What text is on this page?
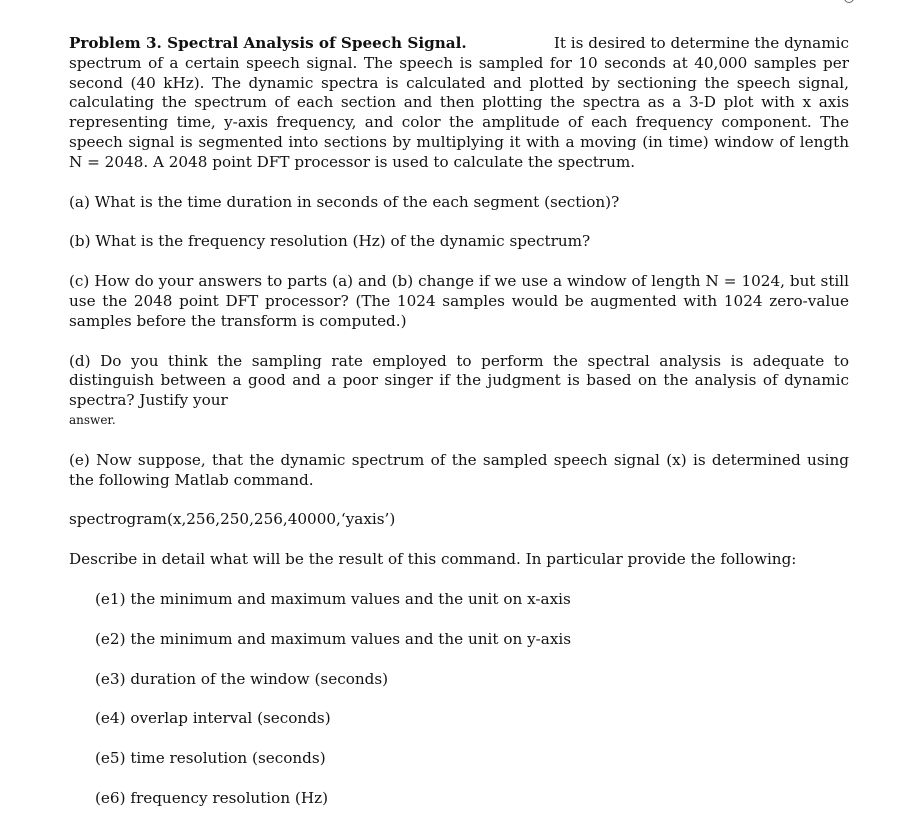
Problem 3. Spectral Analysis of Speech Signal.	It is desired to determine the dynamic
spectrum of a certain speech signal. The speech is sampled for 10 seconds at 40,000 samples per second (40 kHz). The dynamic spectra is calculated and plotted by sectioning the speech signal, calculating the spectrum of each section and then plotting the spectra as a 3-D plot with x axis representing time, y-axis frequency, and color the amplitude of each frequency component. The speech signal is segmented into sections by multiplying it with a moving (in time) window of length N = 2048. A 2048 point DFT processor is used to calculate the spectrum.

(a) What is the time duration in seconds of the each segment (section)?

(b) What is the frequency resolution (Hz) of the dynamic spectrum?

(c) How do your answers to parts (a) and (b) change if we use a window of length N = 1024, but still use the 2048 point DFT processor? (The 1024 samples would be augmented with 1024 zero-value samples before the transform is computed.)

(d) Do you think the sampling rate employed to perform the spectral analysis is adequate to distinguish between a good and a poor singer if the judgment is based on the analysis of dynamic spectra? Justify your
answer.

(e) Now suppose, that the dynamic spectrum of the sampled speech signal (x) is determined using the following Matlab command.

spectrogram(x,256,250,256,40000,‘yaxis’)

Describe in detail what will be the result of this command. In particular provide the following:

(e1) the minimum and maximum values and the unit on x-axis

(e2) the minimum and maximum values and the unit on y-axis

(e3) duration of the window (seconds)

(e4) overlap interval (seconds)

(e5) time resolution (seconds)

(e6) frequency resolution (Hz)
